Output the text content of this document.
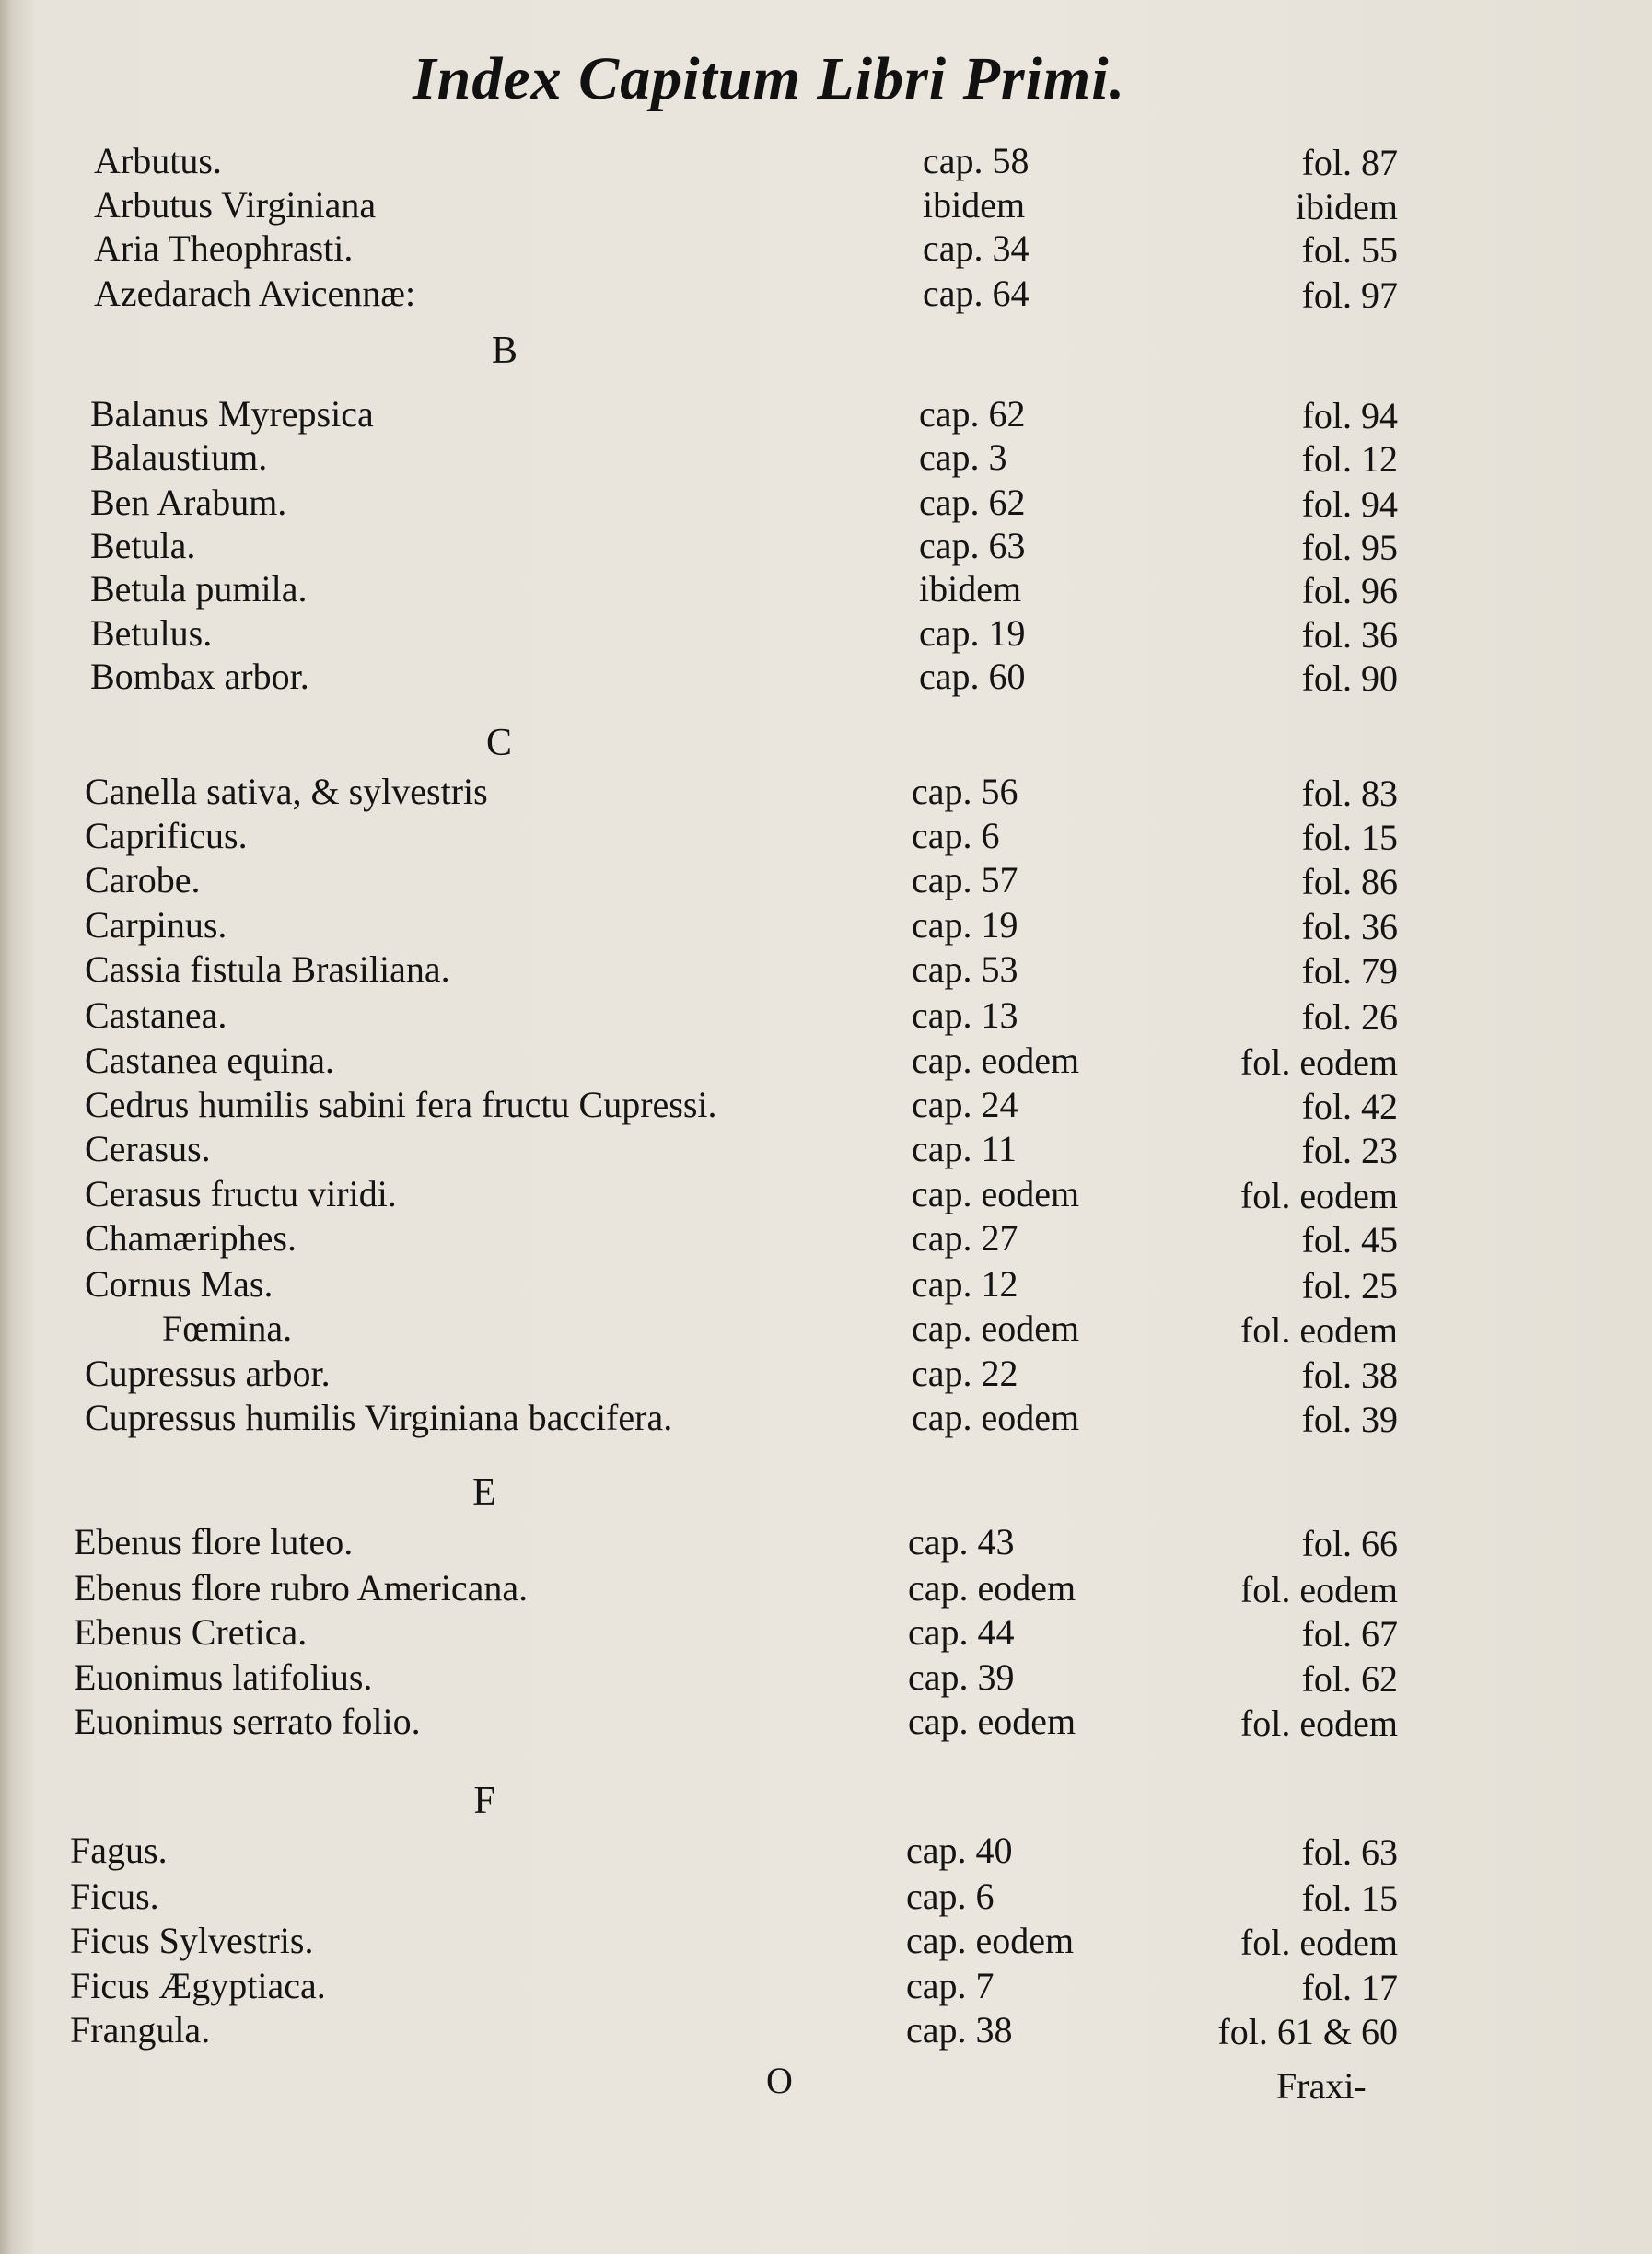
Index Capitum Libri Primi.
Arbutus.	cap. 58	fol. 87
Arbutus Virginiana	ibidem	ibidem
Aria Theophrasti.	cap. 34	fol. 55
Azedarach Avicennæ:	cap. 64	fol. 97
B
Balanus Myrepsica	cap. 62	fol. 94
Balaustium.	cap. 3	fol. 12
Ben Arabum.	cap. 62	fol. 94
Betula.	cap. 63	fol. 95
Betula pumila.	ibidem	fol. 96
Betulus.	cap. 19	fol. 36
Bombax arbor.	cap. 60	fol. 90
C
Canella sativa, & sylvestris	cap. 56	fol. 83
Caprificus.	cap. 6	fol. 15
Carobe.	cap. 57	fol. 86
Carpinus.	cap. 19	fol. 36
Cassia fistula Brasiliana.	cap. 53	fol. 79
Castanea.	cap. 13	fol. 26
Castanea equina.	cap. eodem	fol. eodem
Cedrus humilis sabini fera fructu Cupressi.	cap. 24	fol. 42
Cerasus.	cap. 11	fol. 23
Cerasus fructu viridi.	cap. eodem	fol. eodem
Chamæriphes.	cap. 27	fol. 45
Cornus Mas.	cap. 12	fol. 25
Fœmina.	cap. eodem	fol. eodem
Cupressus arbor.	cap. 22	fol. 38
Cupressus humilis Virginiana baccifera.	cap. eodem	fol. 39
E
Ebenus flore luteo.	cap. 43	fol. 66
Ebenus flore rubro Americana.	cap. eodem	fol. eodem
Ebenus Cretica.	cap. 44	fol. 67
Euonimus latifolius.	cap. 39	fol. 62
Euonimus serrato folio.	cap. eodem	fol. eodem
F
Fagus.	cap. 40	fol. 63
Ficus.	cap. 6	fol. 15
Ficus Sylvestris.	cap. eodem	fol. eodem
Ficus Ægyptiaca.	cap. 7	fol. 17
Frangula.	cap. 38	fol. 61 & 60
O	Fraxi-
